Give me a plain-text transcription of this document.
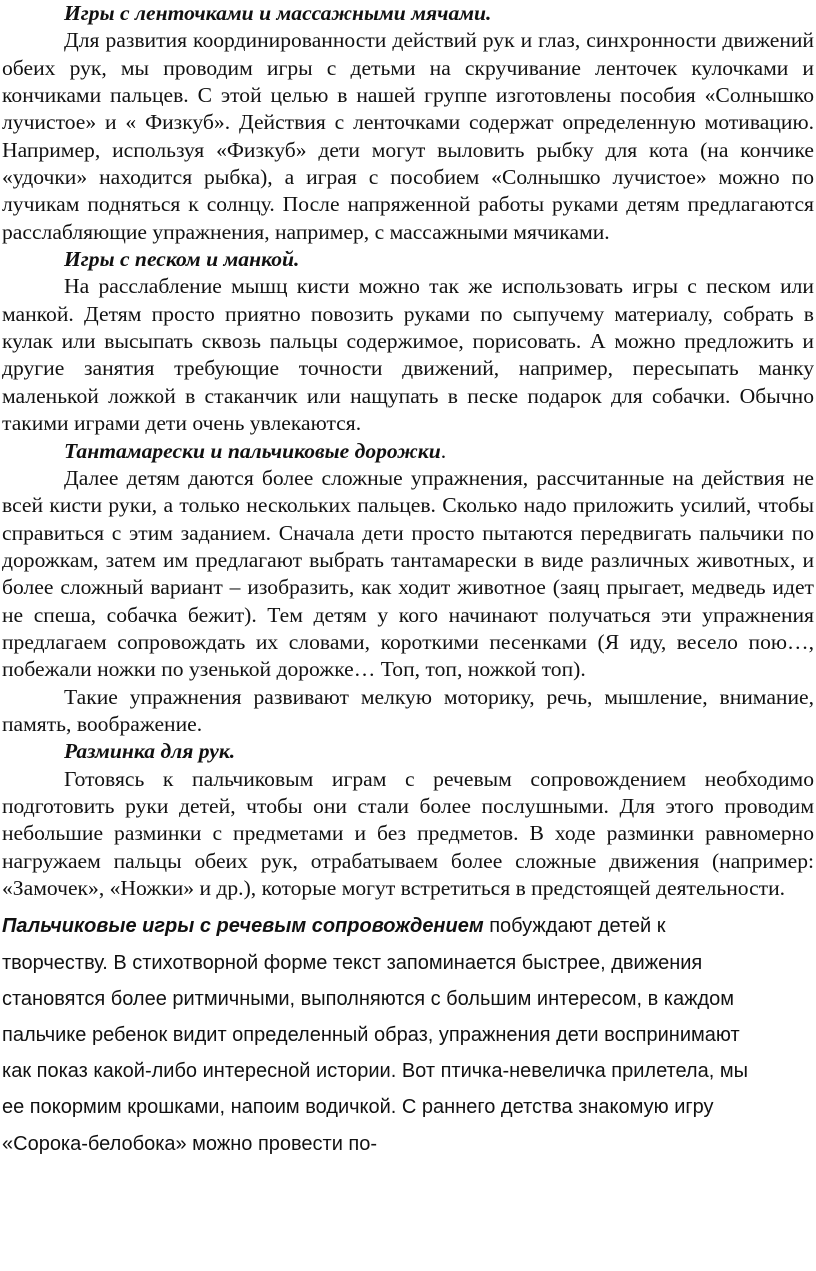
Игры с ленточками и массажными мячами.

Для развития координированности действий рук и глаз, синхронности движений обеих рук, мы проводим игры с детьми на скручивание ленточек кулочками и кончиками пальцев. С этой целью в нашей группе изготовлены пособия «Солнышко лучистое» и « Физкуб». Действия с ленточками содержат определенную мотивацию. Например, используя «Физкуб» дети могут выловить рыбку для кота (на кончике «удочки» находится рыбка), а играя с пособием «Солнышко лучистое» можно по лучикам подняться к солнцу. После напряженной работы руками детям предлагаются расслабляющие упражнения, например, с массажными мячиками.

Игры с песком и манкой.

На расслабление мышц кисти можно так же использовать игры с песком или манкой. Детям просто приятно повозить руками по сыпучему материалу, собрать в кулак или высыпать сквозь пальцы содержимое, порисовать. А можно предложить и другие занятия требующие точности движений, например, пересыпать манку маленькой ложкой в стаканчик или нащупать в песке подарок для собачки. Обычно такими играми дети очень увлекаются.

Тантамарески и пальчиковые дорожки.

Далее детям даются более сложные упражнения, рассчитанные на действия не всей кисти руки, а только нескольких пальцев. Сколько надо приложить усилий, чтобы справиться с этим заданием. Сначала дети просто пытаются передвигать пальчики по дорожкам, затем им предлагают выбрать тантамарески в виде различных животных, и более сложный вариант – изобразить, как ходит животное (заяц прыгает, медведь идет не спеша, собачка бежит). Тем детям у кого начинают получаться эти упражнения предлагаем сопровождать их словами, короткими песенками (Я иду, весело пою…, побежали ножки по узенькой дорожке… Топ, топ, ножкой топ).

Такие упражнения развивают мелкую моторику, речь, мышление, внимание, память, воображение.

Разминка для рук.

Готовясь к пальчиковым играм с речевым сопровождением необходимо подготовить руки детей, чтобы они стали более послушными. Для этого проводим небольшие разминки с предметами и без предметов. В ходе разминки равномерно нагружаем пальцы обеих рук, отрабатываем более сложные движения (например: «Замочек», «Ножки» и др.), которые могут встретиться в предстоящей деятельности.

Пальчиковые игры с речевым сопровождением побуждают детей к творчеству. В стихотворной форме текст запоминается быстрее, движения становятся более ритмичными, выполняются с большим интересом, в каждом пальчике ребенок видит определенный образ, упражнения дети воспринимают как показ какой-либо интересной истории. Вот птичка-невеличка прилетела, мы ее покормим крошками, напоим водичкой. С раннего детства знакомую игру «Сорока-белобока» можно провести по-
